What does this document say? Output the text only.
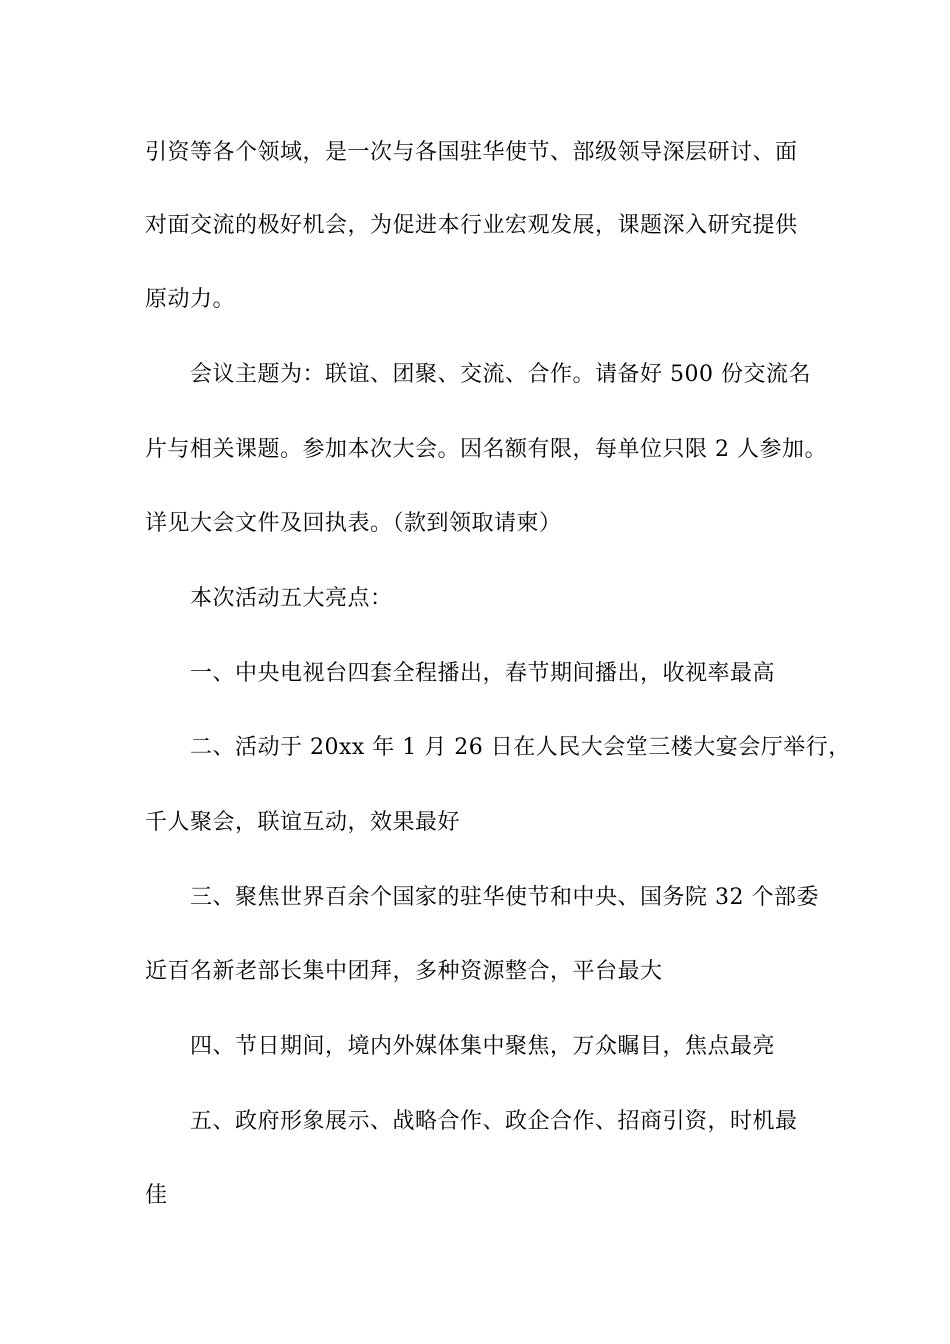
引资等各个领域，是一次与各国驻华使节、部级领导深层研讨、面
对面交流的极好机会，为促进本行业宏观发展，课题深入研究提供
原动力。
会议主题为：联谊、团聚、交流、合作。请备好 500 份交流名
片与相关课题。参加本次大会。因名额有限，每单位只限 2 人参加。
详见大会文件及回执表。（款到领取请柬）
本次活动五大亮点：
一、中央电视台四套全程播出，春节期间播出，收视率最高
二、活动于 20xx 年 1 月 26 日在人民大会堂三楼大宴会厅举行，
千人聚会，联谊互动，效果最好
三、聚焦世界百余个国家的驻华使节和中央、国务院 32 个部委
近百名新老部长集中团拜，多种资源整合，平台最大
四、节日期间，境内外媒体集中聚焦，万众瞩目，焦点最亮
五、政府形象展示、战略合作、政企合作、招商引资，时机最
佳
